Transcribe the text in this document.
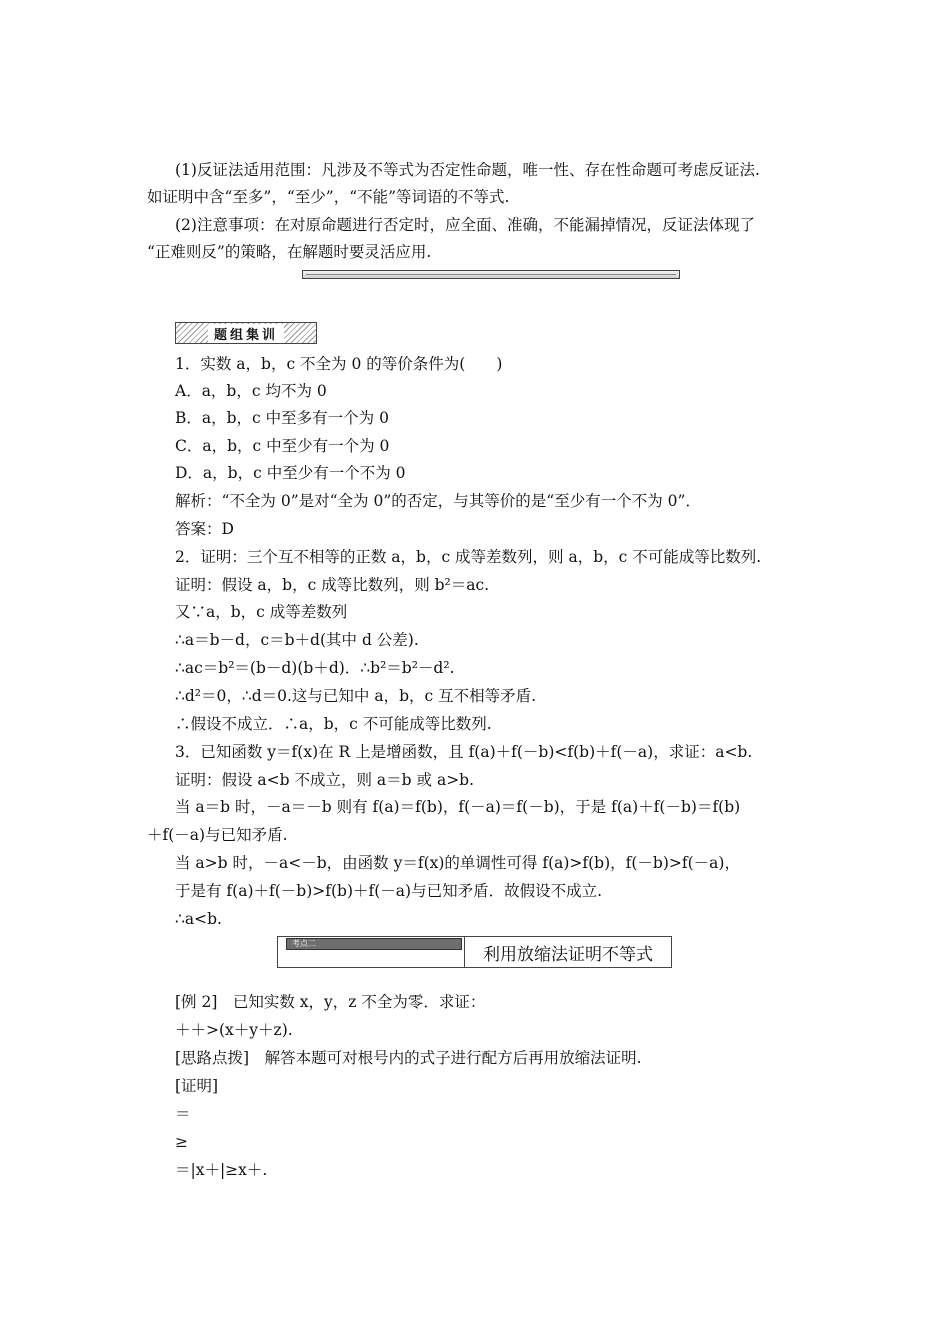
(1)反证法适用范围：凡涉及不等式为否定性命题，唯一性、存在性命题可考虑反证法.
如证明中含“至多”，“至少”，“不能”等词语的不等式.
(2)注意事项：在对原命题进行否定时，应全面、准确，不能漏掉情况，反证法体现了
“正难则反”的策略，在解题时要灵活应用.
题组集训
1．实数 a，b，c 不全为 0 的等价条件为(　　)
A．a，b，c 均不为 0
B．a，b，c 中至多有一个为 0
C．a，b，c 中至少有一个为 0
D．a，b，c 中至少有一个不为 0
解析：“不全为 0”是对“全为 0”的否定，与其等价的是“至少有一个不为 0”．
答案：D
2．证明：三个互不相等的正数 a，b，c 成等差数列，则 a，b，c 不可能成等比数列.
证明：假设 a，b，c 成等比数列，则 b²＝ac.
又∵a，b，c 成等差数列
∴a＝b－d，c＝b＋d(其中 d 公差).
∴ac＝b²＝(b－d)(b＋d)．∴b²＝b²－d².
∴d²＝0，∴d＝0.这与已知中 a，b，c 互不相等矛盾.
∴假设不成立．∴a，b，c 不可能成等比数列.
3．已知函数 y＝f(x)在 R 上是增函数，且 f(a)＋f(－b)<f(b)＋f(－a)，求证：a<b.
证明：假设 a<b 不成立，则 a＝b 或 a>b.
当 a＝b 时，－a＝－b 则有 f(a)＝f(b)，f(－a)＝f(－b)，于是 f(a)＋f(－b)＝f(b)
＋f(－a)与已知矛盾.
当 a>b 时，－a<－b，由函数 y＝f(x)的单调性可得 f(a)>f(b)，f(－b)>f(－a)，
于是有 f(a)＋f(－b)>f(b)＋f(－a)与已知矛盾．故假设不成立.
∴a<b.
考点二
利用放缩法证明不等式
[例 2]　已知实数 x，y，z 不全为零．求证：
＋＋>(x＋y＋z).
[思路点拨]　解答本题可对根号内的式子进行配方后再用放缩法证明.
[证明]
＝
≥
＝|x＋|≥x＋.
